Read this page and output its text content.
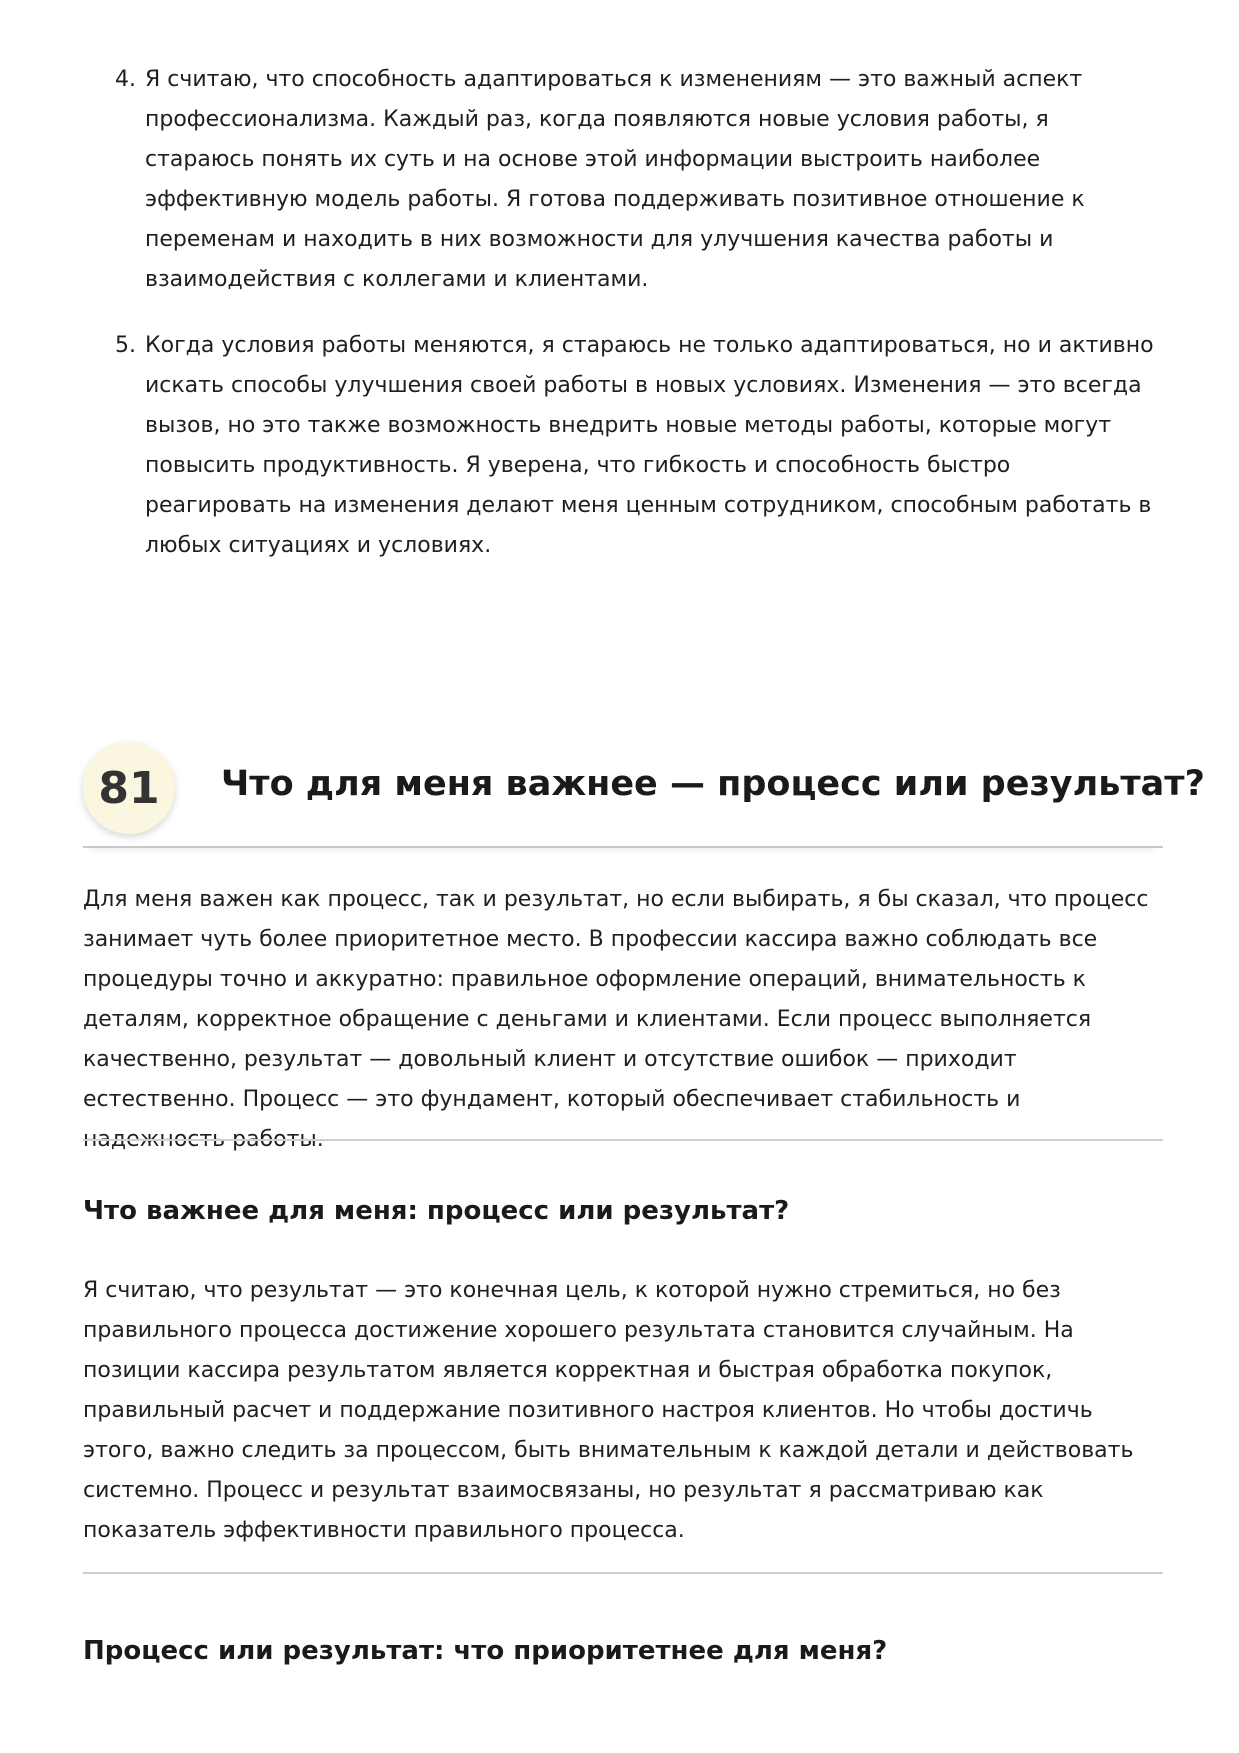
4. Я считаю, что способность адаптироваться к изменениям — это важный аспект профессионализма. Каждый раз, когда появляются новые условия работы, я стараюсь понять их суть и на основе этой информации выстроить наиболее эффективную модель работы. Я готова поддерживать позитивное отношение к переменам и находить в них возможности для улучшения качества работы и взаимодействия с коллегами и клиентами.
5. Когда условия работы меняются, я стараюсь не только адаптироваться, но и активно искать способы улучшения своей работы в новых условиях. Изменения — это всегда вызов, но это также возможность внедрить новые методы работы, которые могут повысить продуктивность. Я уверена, что гибкость и способность быстро реагировать на изменения делают меня ценным сотрудником, способным работать в любых ситуациях и условиях.
81	Что для меня важнее — процесс или результат?

Для меня важен как процесс, так и результат, но если выбирать, я бы сказал, что процесс занимает чуть более приоритетное место. В профессии кассира важно соблюдать все процедуры точно и аккуратно: правильное оформление операций, внимательность к деталям, корректное обращение с деньгами и клиентами. Если процесс выполняется качественно, результат — довольный клиент и отсутствие ошибок — приходит естественно. Процесс — это фундамент, который обеспечивает стабильность и надежность работы.

Что важнее для меня: процесс или результат?

Я считаю, что результат — это конечная цель, к которой нужно стремиться, но без правильного процесса достижение хорошего результата становится случайным. На позиции кассира результатом является корректная и быстрая обработка покупок, правильный расчет и поддержание позитивного настроя клиентов. Но чтобы достичь этого, важно следить за процессом, быть внимательным к каждой детали и действовать системно. Процесс и результат взаимосвязаны, но результат я рассматриваю как показатель эффективности правильного процесса.

Процесс или результат: что приоритетнее для меня?
